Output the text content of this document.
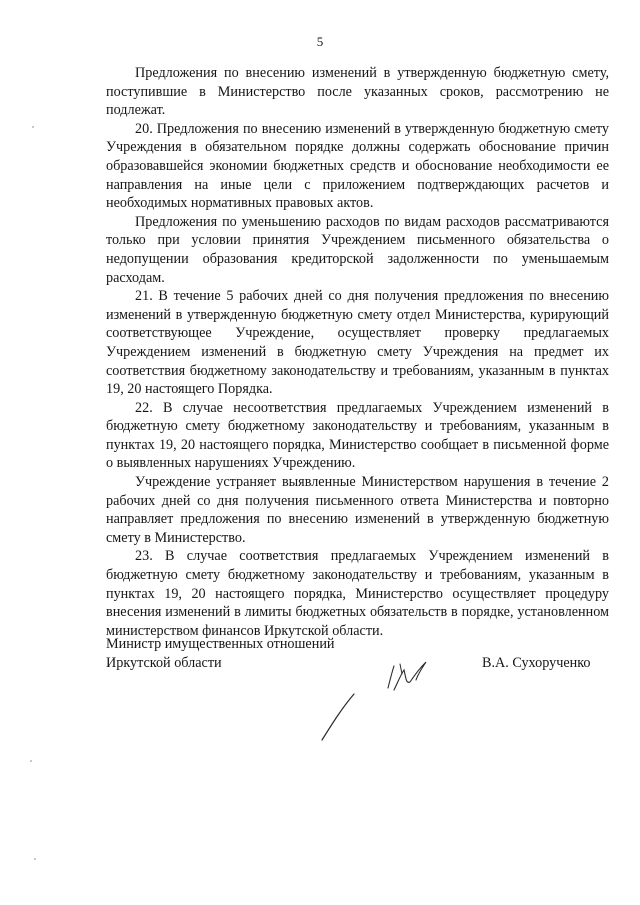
5

Предложения по внесению изменений в утвержденную бюджетную смету, поступившие в Министерство после указанных сроков, рассмотрению не подлежат.

20. Предложения по внесению изменений в утвержденную бюджетную смету Учреждения в обязательном порядке должны содержать обоснование причин образовавшейся экономии бюджетных средств и обоснование необходимости ее направления на иные цели с приложением подтверждающих расчетов и необходимых нормативных правовых актов.

Предложения по уменьшению расходов по видам расходов рассматриваются только при условии принятия Учреждением письменного обязательства о недопущении образования кредиторской задолженности по уменьшаемым расходам.

21. В течение 5 рабочих дней со дня получения предложения по внесению изменений в утвержденную бюджетную смету отдел Министерства, курирующий соответствующее Учреждение, осуществляет проверку предлагаемых Учреждением изменений в бюджетную смету Учреждения на предмет их соответствия бюджетному законодательству и требованиям, указанным в пунктах 19, 20 настоящего Порядка.

22. В случае несоответствия предлагаемых Учреждением изменений в бюджетную смету бюджетному законодательству и требованиям, указанным в пунктах 19, 20 настоящего порядка, Министерство сообщает в письменной форме о выявленных нарушениях Учреждению.

Учреждение устраняет выявленные Министерством нарушения в течение 2 рабочих дней со дня получения письменного ответа Министерства и повторно направляет предложения по внесению изменений в утвержденную бюджетную смету в Министерство.

23. В случае соответствия предлагаемых Учреждением изменений в бюджетную смету бюджетному законодательству и требованиям, указанным в пунктах 19, 20 настоящего порядка, Министерство осуществляет процедуру внесения изменений в лимиты бюджетных обязательств в порядке, установленном министерством финансов Иркутской области.

Министр имущественных отношений
Иркутской области	В.А. Сухорученко
